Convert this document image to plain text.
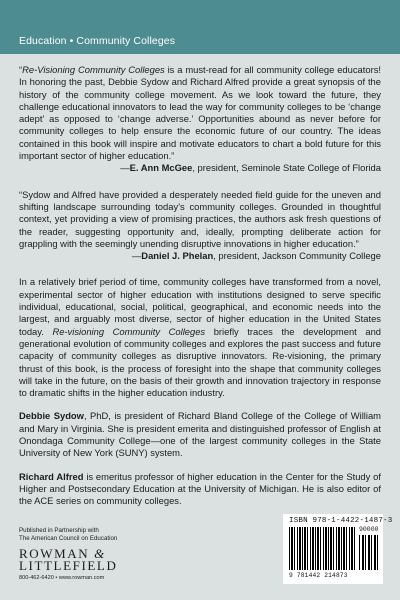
Education • Community Colleges

“Re-Visioning Community Colleges is a must-read for all community college educators! In honoring the past, Debbie Sydow and Richard Alfred provide a great synopsis of the history of the community college movement. As we look toward the future, they challenge educational innovators to lead the way for community colleges to be ‘change adept’ as opposed to ‘change adverse.’ Opportunities abound as never before for community colleges to help ensure the economic future of our country. The ideas contained in this book will inspire and motivate educators to chart a bold future for this important sector of higher education.”

—E. Ann McGee, president, Seminole State College of Florida

“Sydow and Alfred have provided a desperately needed field guide for the uneven and shifting landscape surrounding today’s community colleges. Grounded in thoughtful context, yet providing a view of promising practices, the authors ask fresh questions of the reader, suggesting opportunity and, ideally, prompting deliberate action for grappling with the seemingly unending disruptive innovations in higher education.”

—Daniel J. Phelan, president, Jackson Community College

In a relatively brief period of time, community colleges have transformed from a novel, experimental sector of higher education with institutions designed to serve specific individual, educational, social, political, geographical, and economic needs into the largest, and arguably most diverse, sector of higher education in the United States today. Re-visioning Community Colleges briefly traces the development and generational evolution of community colleges and explores the past success and future capacity of community colleges as disruptive innovators. Re-visioning, the primary thrust of this book, is the process of foresight into the shape that community colleges will take in the future, on the basis of their growth and innovation trajectory in response to dramatic shifts in the higher education industry.

Debbie Sydow, PhD, is president of Richard Bland College of the College of William and Mary in Virginia. She is president emerita and distinguished professor of English at Onondaga Community College—one of the largest community colleges in the State University of New York (SUNY) system.

Richard Alfred is emeritus professor of higher education in the Center for the Study of Higher and Postsecondary Education at the University of Michigan. He is also editor of the ACE series on community colleges.

Published in Partnership with

The American Council on Education

ROWMAN &
LITTLEFIELD
800-462-6420 • www.rowman.com
ISBN 978-1-4422-1487-3
90000
9 781442 214873
